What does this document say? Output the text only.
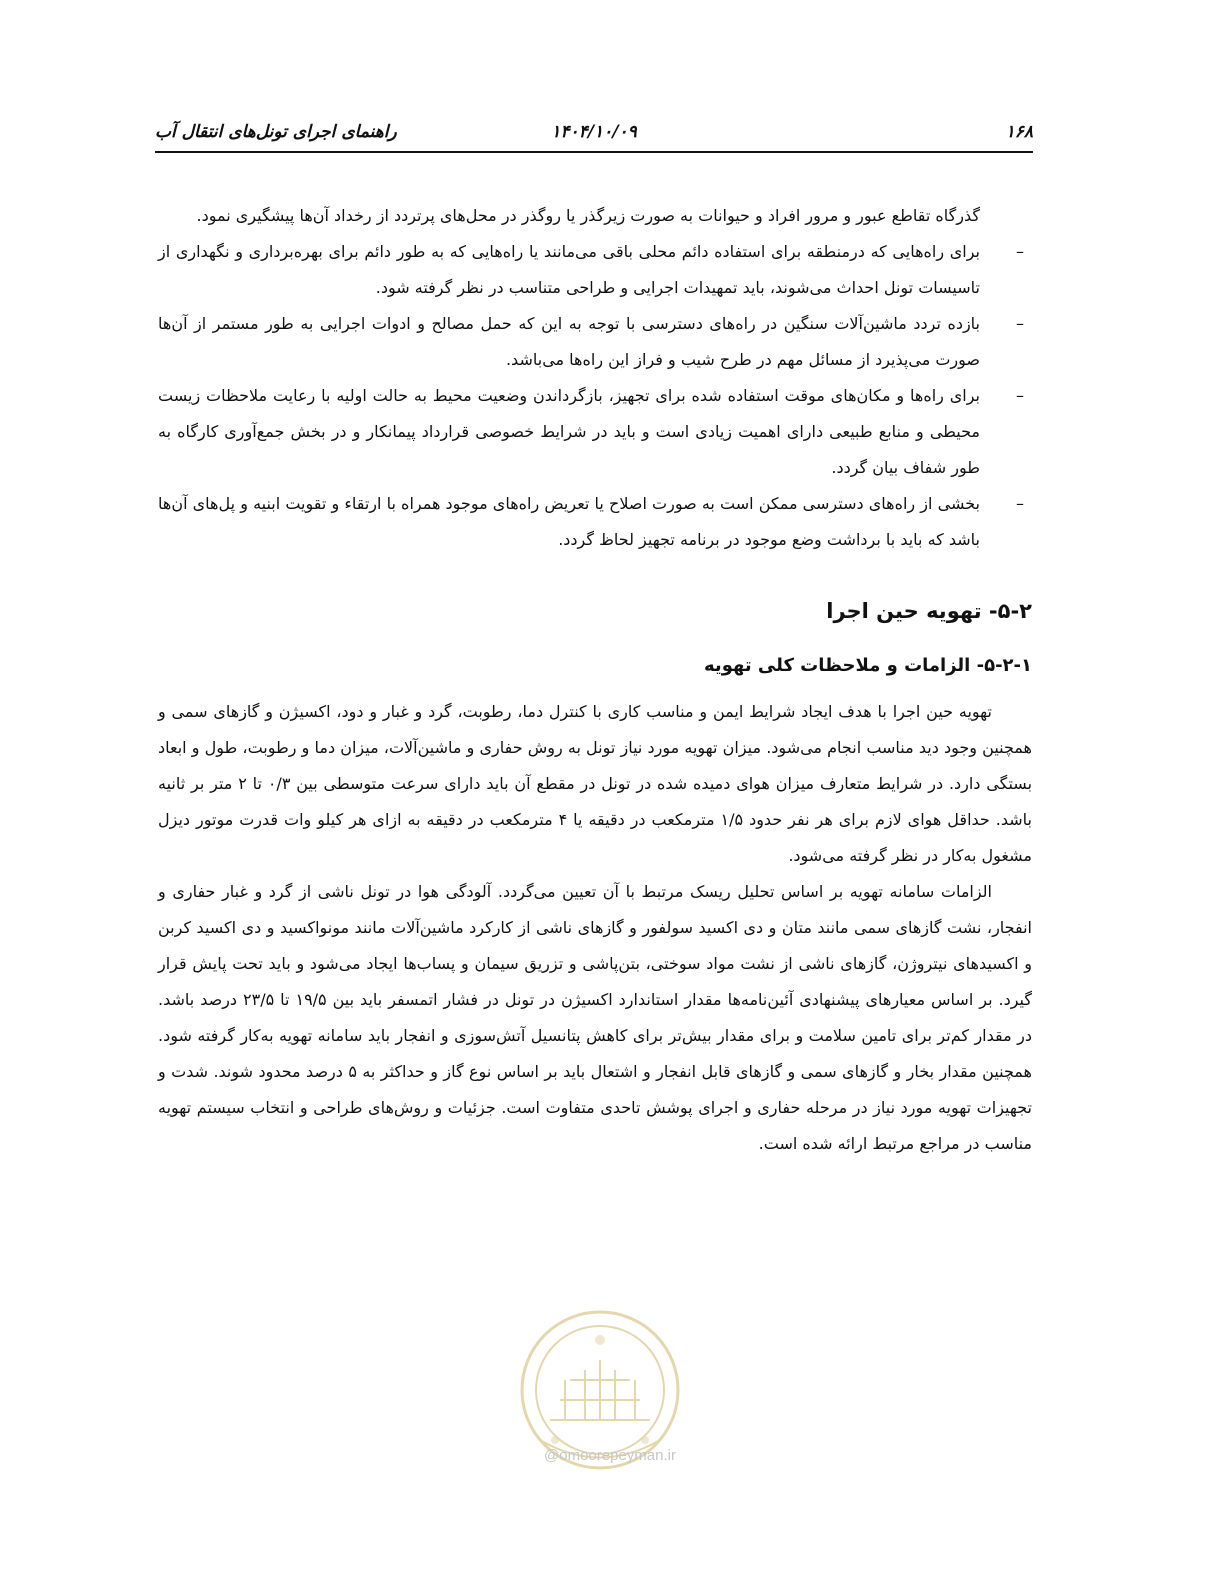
۱۶۸
۱۴۰۴/۱۰/۰۹
راهنمای اجرای تونل‌های انتقال آب

گذرگاه تقاطع عبور و مرور افراد و حیوانات به صورت زیرگذر یا روگذر در محل‌های پرتردد از رخداد آن‌ها پیشگیری نمود.

–
برای راه‌هایی که درمنطقه برای استفاده دائم محلی باقی می‌مانند یا راه‌هایی که به طور دائم برای بهره‌برداری و نگهداری از تاسیسات تونل احداث می‌شوند، باید تمهیدات اجرایی و طراحی متناسب در نظر گرفته شود.
–
بازده تردد ماشین‌آلات سنگین در راه‌های دسترسی با توجه به این که حمل مصالح و ادوات اجرایی به طور مستمر از آن‌ها صورت می‌پذیرد از مسائل مهم در طرح شیب و فراز این راه‌ها می‌باشد.
–
برای راه‌ها و مکان‌های موقت استفاده شده برای تجهیز، بازگرداندن وضعیت محیط به حالت اولیه با رعایت ملاحظات زیست محیطی و منابع طبیعی دارای اهمیت زیادی است و باید در شرایط خصوصی قرارداد پیمانکار و در بخش جمع‌آوری کارگاه به طور شفاف بیان گردد.
–
بخشی از راه‌های دسترسی ممکن است به صورت اصلاح یا تعریض راه‌های موجود همراه با ارتقاء و تقویت ابنیه و پل‌های آن‌ها باشد که باید با برداشت وضع موجود در برنامه تجهیز لحاظ گردد.
۵-۲- تهویه حین اجرا
۵-۲-۱- الزامات و ملاحظات کلی تهویه

تهویه حین اجرا با هدف ایجاد شرایط ایمن و مناسب کاری با کنترل دما، رطوبت، گرد و غبار و دود، اکسیژن و گازهای سمی و همچنین وجود دید مناسب انجام می‌شود. میزان تهویه مورد نیاز تونل به روش حفاری و ماشین‌آلات، میزان دما و رطوبت، طول و ابعاد بستگی دارد. در شرایط متعارف میزان هوای دمیده شده در تونل در مقطع آن باید دارای سرعت متوسطی بین ۰/۳ تا ۲ متر بر ثانیه باشد. حداقل هوای لازم برای هر نفر حدود ۱/۵ مترمکعب در دقیقه یا ۴ مترمکعب در دقیقه به ازای هر کیلو وات قدرت موتور دیزل مشغول به‌کار در نظر گرفته می‌شود.

الزامات سامانه تهویه بر اساس تحلیل ریسک مرتبط با آن تعیین می‌گردد. آلودگی هوا در تونل ناشی از گرد و غبار حفاری و انفجار، نشت گازهای سمی مانند متان و دی اکسید سولفور و گازهای ناشی از کارکرد ماشین‌آلات مانند مونواکسید و دی اکسید کربن و اکسیدهای نیتروژن، گازهای ناشی از نشت مواد سوختی، بتن‌پاشی و تزریق سیمان و پساب‌ها ایجاد می‌شود و باید تحت پایش قرار گیرد. بر اساس معیارهای پیشنهادی آئین‌نامه‌ها مقدار استاندارد اکسیژن در تونل در فشار اتمسفر باید بین ۱۹/۵ تا ۲۳/۵ درصد باشد. در مقدار کم‌تر برای تامین سلامت و برای مقدار بیش‌تر برای کاهش پتانسیل آتش‌سوزی و انفجار باید سامانه تهویه به‌کار گرفته شود. همچنین مقدار بخار و گازهای سمی و گازهای قابل انفجار و اشتعال باید بر اساس نوع گاز و حداکثر به ۵ درصد محدود شوند. شدت و تجهیزات تهویه مورد نیاز در مرحله حفاری و اجرای پوشش تاحدی متفاوت است. جزئیات و روش‌های طراحی و انتخاب سیستم تهویه مناسب در مراجع مرتبط ارائه شده است.

@omoorepeyman.ir
